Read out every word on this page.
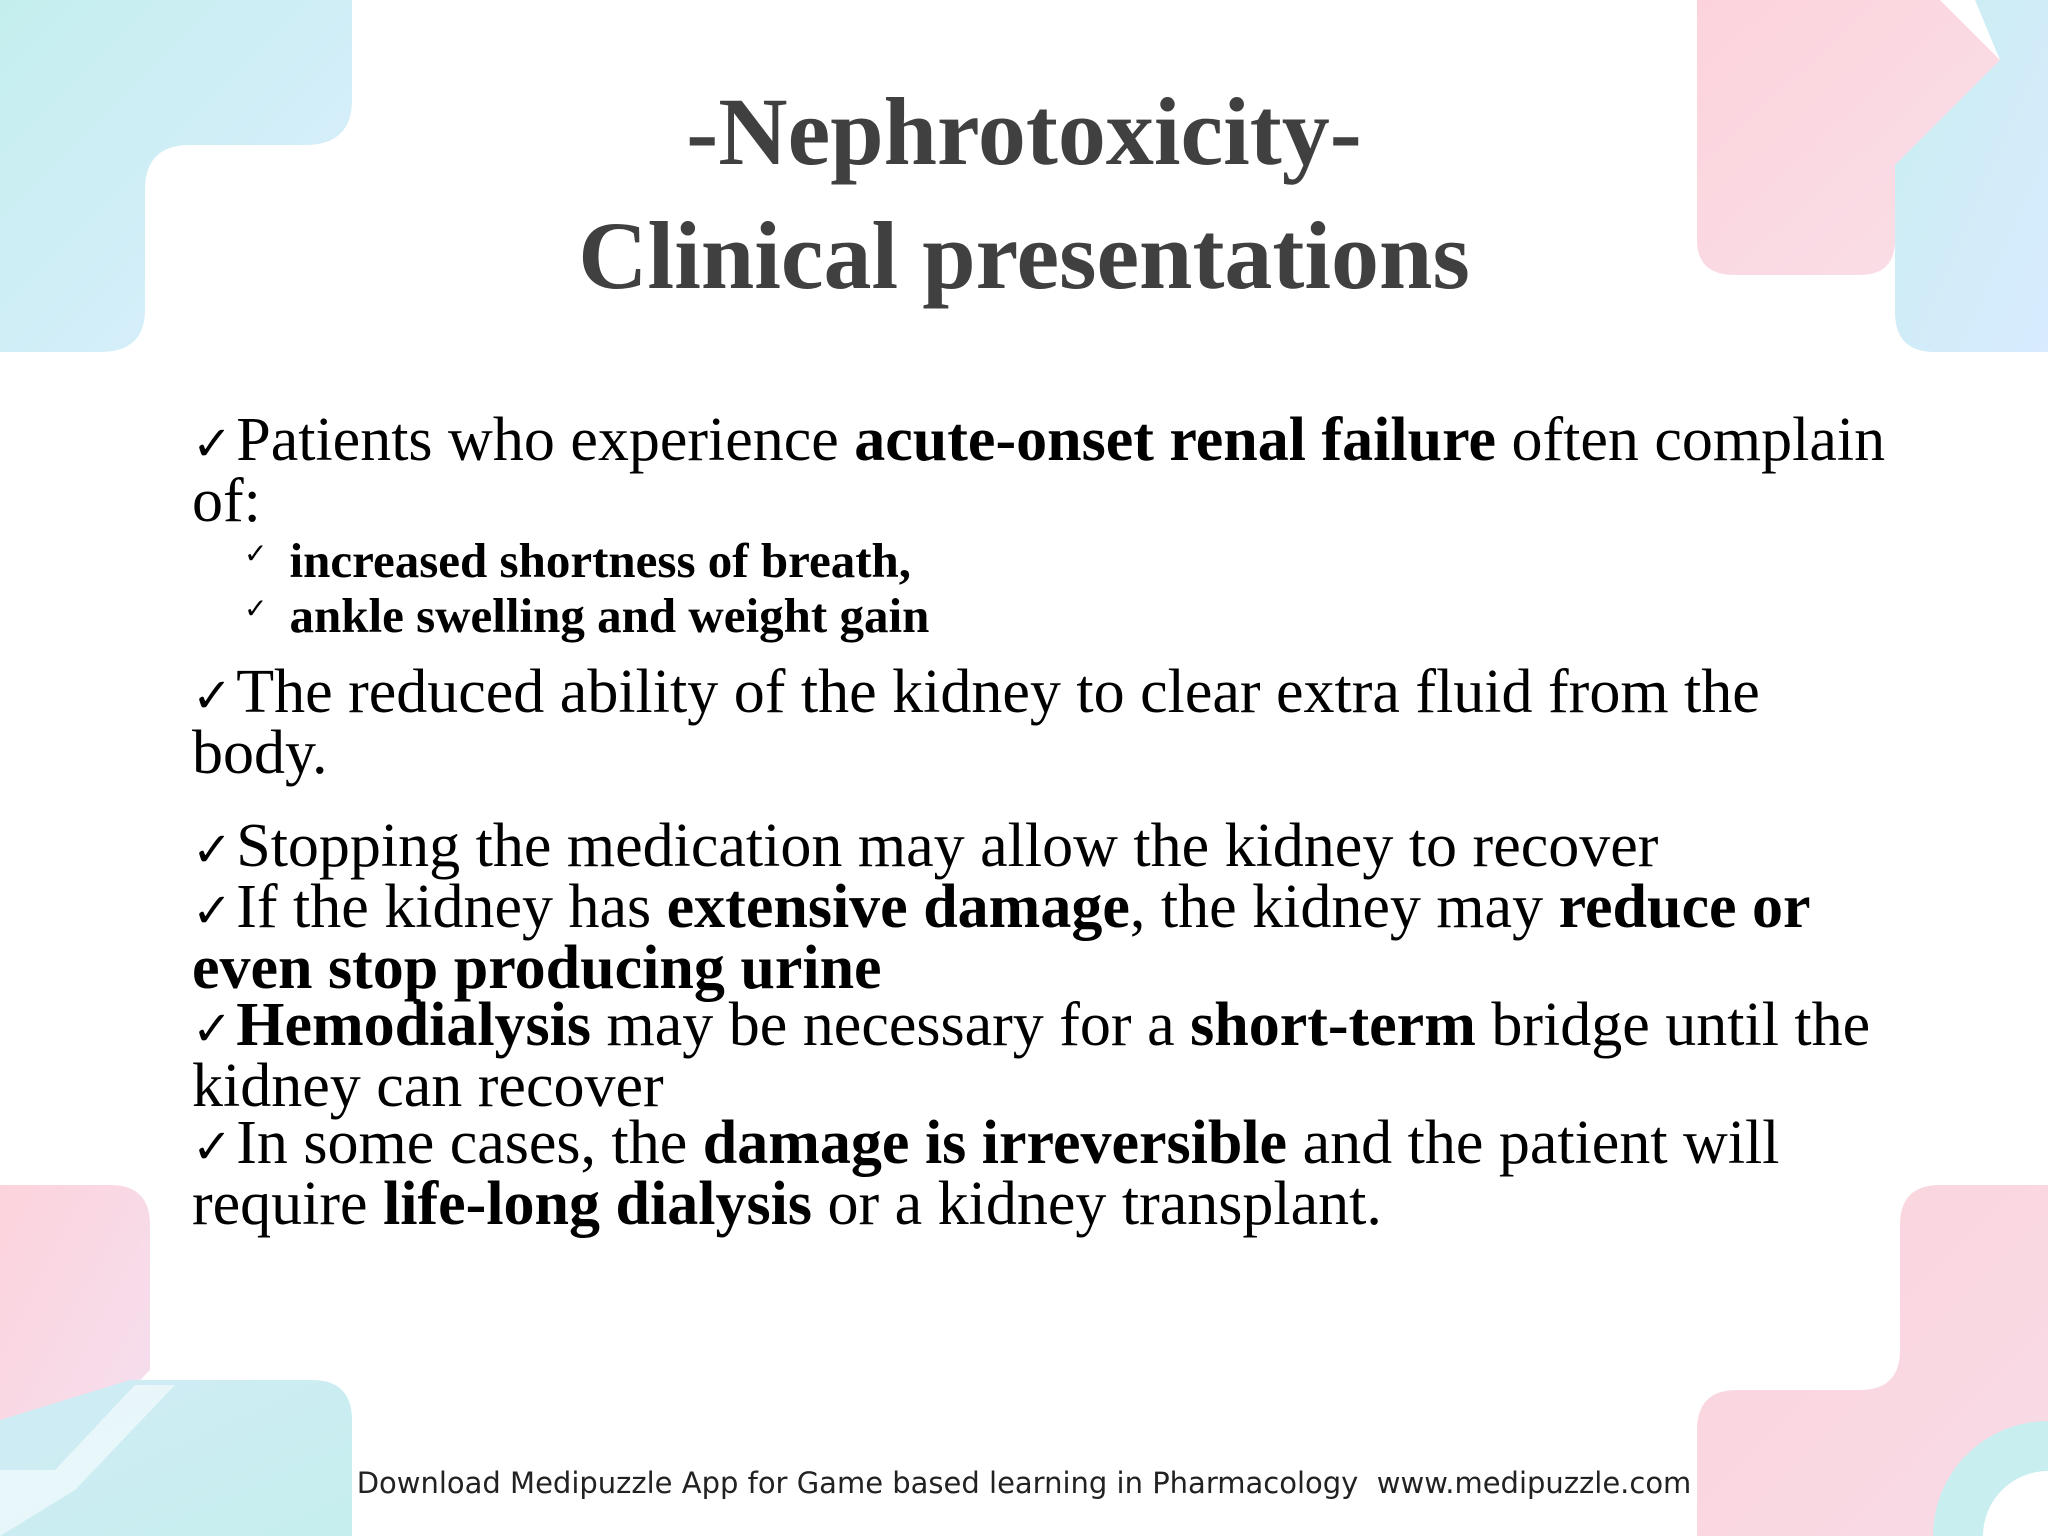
-Nephrotoxicity-
Clinical presentations

✓Patients who experience acute-onset renal failure often complain of:

✓ increased shortness of breath,

✓ ankle swelling and weight gain

✓The reduced ability of the kidney to clear extra fluid from the body.

✓Stopping the medication may allow the kidney to recover

✓If the kidney has extensive damage, the kidney may reduce or even stop producing urine

✓Hemodialysis may be necessary for a short-term bridge until the kidney can recover

✓In some cases, the damage is irreversible and the patient will require life-long dialysis or a kidney transplant.

Download Medipuzzle App for Game based learning in Pharmacology  www.medipuzzle.com
